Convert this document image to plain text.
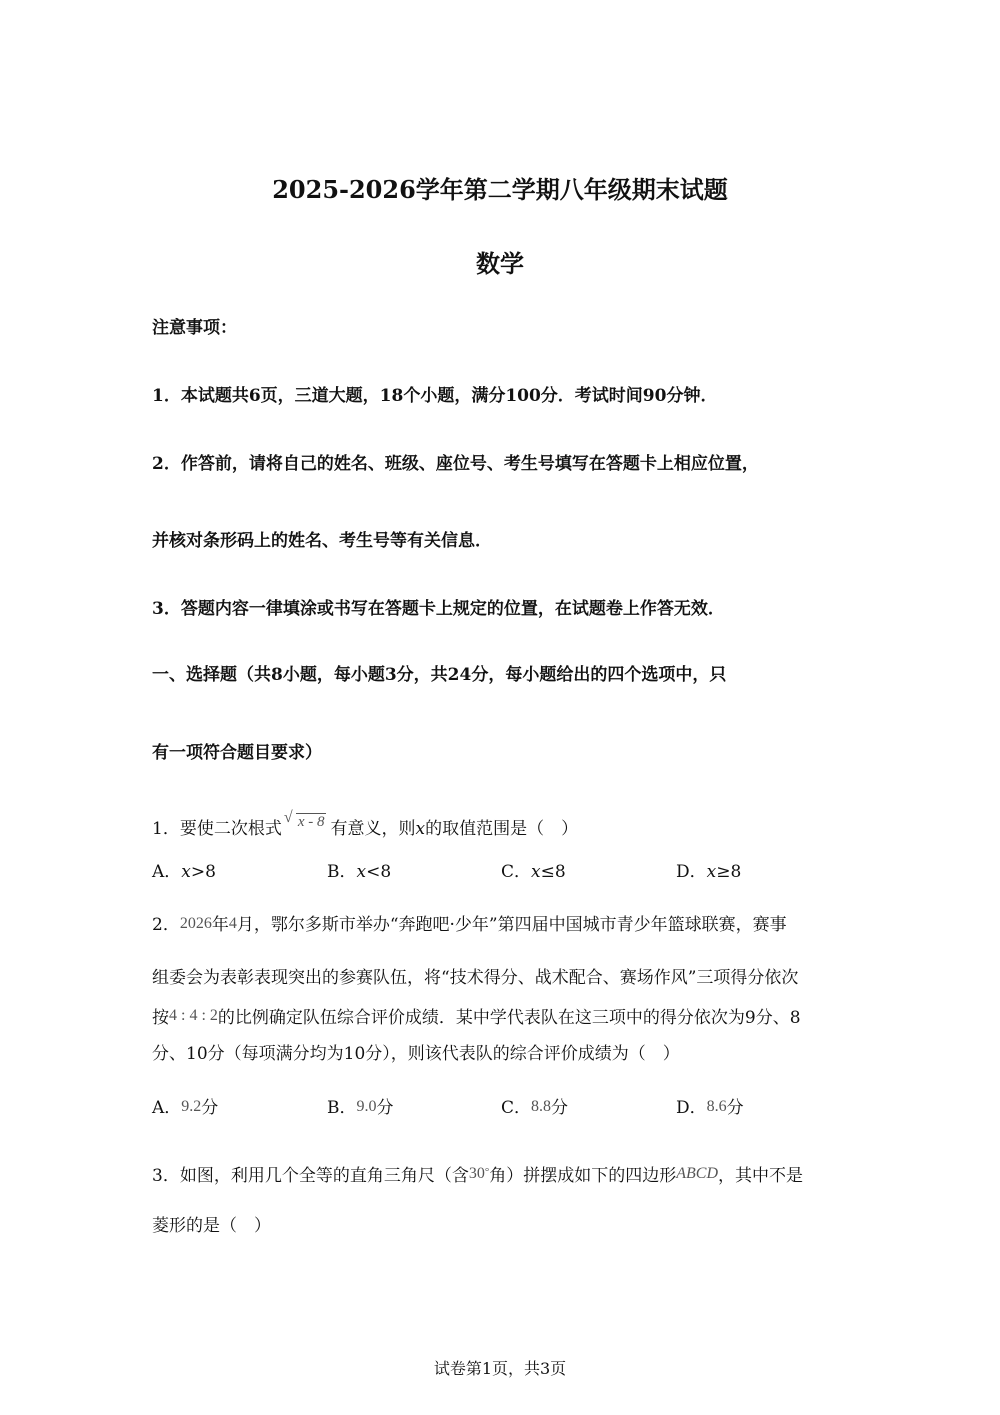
2025-2026学年第二学期八年级期末试题
数学
注意事项：
1．本试题共6页，三道大题，18个小题，满分100分．考试时间90分钟．
2．作答前，请将自己的姓名、班级、座位号、考生号填写在答题卡上相应位置，
并核对条形码上的姓名、考生号等有关信息．
3．答题内容一律填涂或书写在答题卡上规定的位置，在试题卷上作答无效．
一、选择题（共8小题，每小题3分，共24分，每小题给出的四个选项中，只
有一项符合题目要求）
1．要使二次根式
√ x - 8 有意义，则x的取值范围是（　）
A．x>8	B．x<8	C．x≤8	D．x≥8
2．2026年4月，鄂尔多斯市举办“奔跑吧·少年”第四届中国城市青少年篮球联赛，赛事
组委会为表彰表现突出的参赛队伍，将“技术得分、战术配合、赛场作风”三项得分依次
按4 : 4 : 2的比例确定队伍综合评价成绩．某中学代表队在这三项中的得分依次为9分、8
分、10分（每项满分均为10分），则该代表队的综合评价成绩为（　）
A．9.2分	B．9.0分	C．8.8分	D．8.6分
3．如图，利用几个全等的直角三角尺（含30°角）拼摆成如下的四边形ABCD，其中不是
菱形的是（　）
试卷第1页，共3页
